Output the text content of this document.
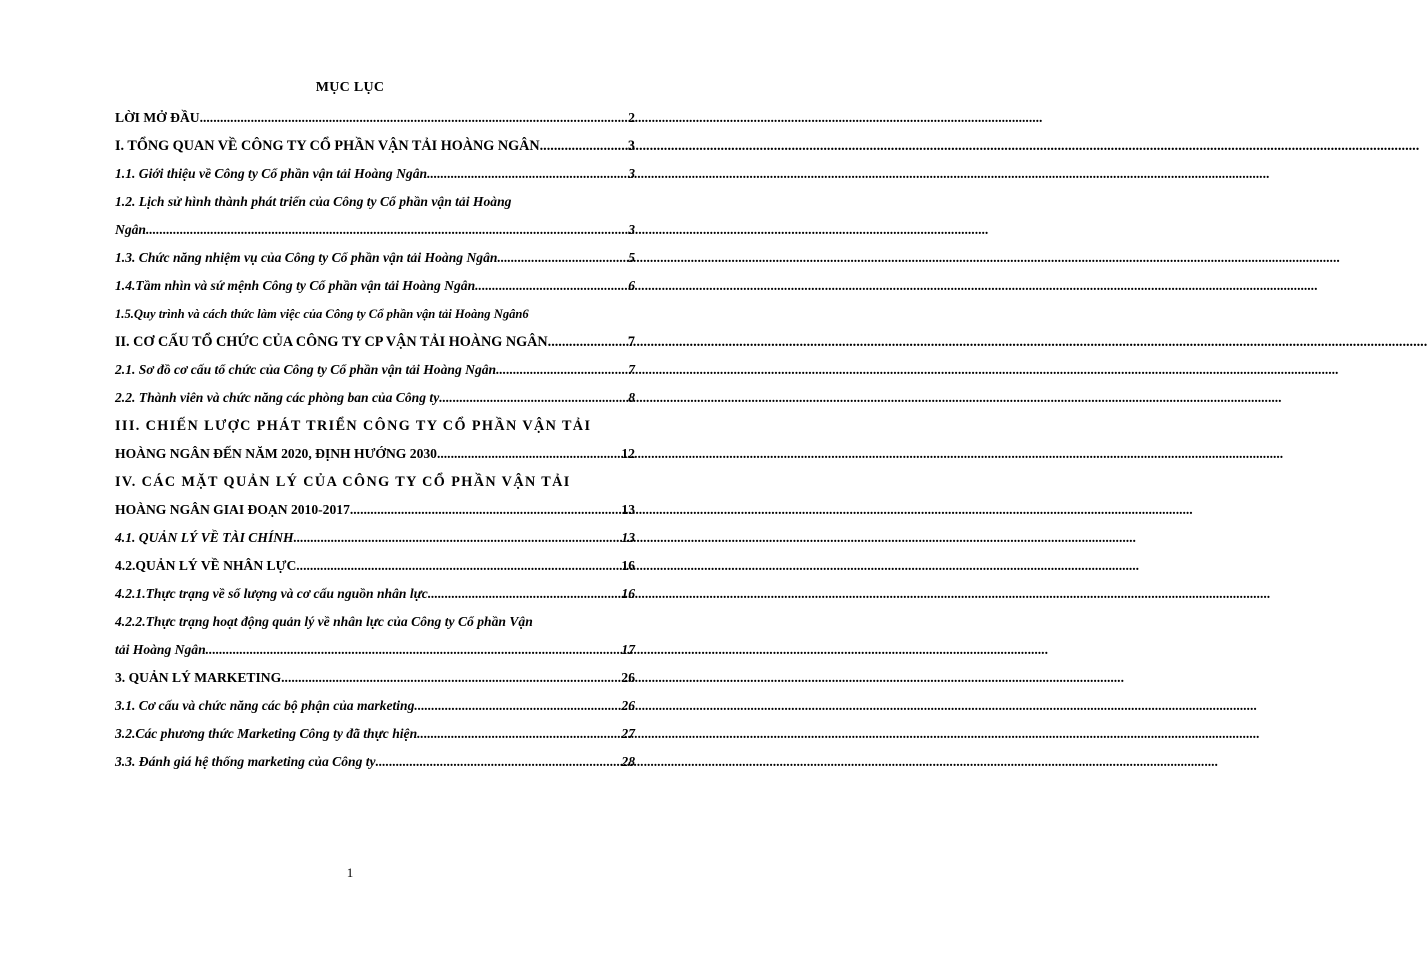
MỤC LỤC
LỜI MỞ ĐẦU .....	2
I. TỔNG QUAN VỀ CÔNG TY CỔ PHẦN VẬN TẢI HOÀNG NGÂN .....	3
1.1. Giới thiệu về Công ty Cổ phần vận tải Hoàng Ngân .....	3
1.2. Lịch sử hình thành phát triển của Công ty Cổ phần vận tải Hoàng
Ngân .....	3
1.3. Chức năng nhiệm vụ của Công ty Cổ phần vận tải Hoàng Ngân .....	5
1.4.Tầm nhìn và sứ mệnh Công ty Cổ phần vận tải Hoàng Ngân .....	6
1.5.Quy trình và cách thức làm việc của Công ty Cổ phần vận tải Hoàng Ngân 6
II. CƠ CẤU TỔ CHỨC CỦA CÔNG TY CP VẬN TẢI HOÀNG NGÂN .....	7
2.1. Sơ đồ cơ cấu tổ chức của Công ty Cổ phần vận tải Hoàng Ngân .....	7
2.2. Thành viên và chức năng các phòng ban của Công ty .....	8
III. CHIẾN LƯỢC PHÁT TRIỂN CÔNG TY CỔ PHẦN VẬN TẢI
HOÀNG NGÂN ĐẾN NĂM 2020, ĐỊNH HƯỚNG 2030. .....	12
IV. CÁC MẶT QUẢN LÝ CỦA CÔNG TY CỔ PHẦN VẬN TẢI
HOÀNG NGÂN GIAI ĐOẠN 2010-2017 .....	13
4.1. QUẢN LÝ VỀ TÀI CHÍNH .....	13
4.2.QUẢN LÝ VỀ NHÂN LỰC .....	16
4.2.1.Thực trạng về số lượng và cơ cấu nguồn nhân lực .....	16
4.2.2.Thực trạng hoạt động quản lý về nhân lực của Công ty Cổ phần Vận
tải Hoàng Ngân .....	17
3. QUẢN LÝ MARKETING .....	26
3.1. Cơ cấu và chức năng các bộ phận của marketing .....	26
3.2.Các phương thức Marketing Công ty đã thực hiện .....	27
3.3. Đánh giá hệ thống marketing của Công ty .....	28
1
